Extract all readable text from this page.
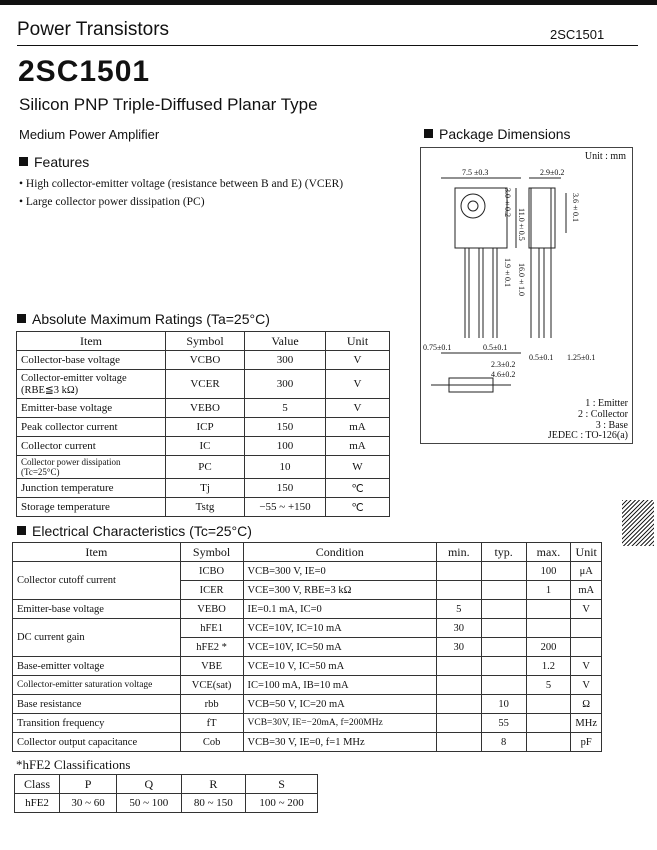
Power Transistors	2SC1501
2SC1501
Silicon PNP Triple-Diffused Planar Type
Medium Power Amplifier
Features
• High collector-emitter voltage (resistance between B and E) (VCER)
• Large collector power dissipation (PC)
Package Dimensions
Unit : mm
7.5 ±0.3	2.9±0.2
0.75±0.1	0.5±0.1
2.3±0.2
4.6±0.2
0.5±0.1 1.25±0.1
11.0±0.5
16.0±1.0
3.6±0.1
1.9±0.1
3.0±0.2
1 : Emitter
2 : Collector
3 : Base
JEDEC : TO-126(a)
Absolute Maximum Ratings (Ta=25°C)
Item	Symbol	Value	Unit
Collector-base voltage	VCBO	300	V
Collector-emitter voltage (RBE≦3 kΩ)	VCER	300	V
Emitter-base voltage	VEBO	5	V
Peak collector current	ICP	150	mA
Collector current	IC	100	mA
Collector power dissipation (Tc=25°C)	PC	10	W
Junction temperature	Tj	150	℃
Storage temperature	Tstg	−55 ~ +150	℃
Electrical Characteristics (Tc=25°C)
Item	Symbol	Condition	min.	typ.	max.	Unit
Collector cutoff current	ICBO	VCB=300 V, IE=0			100	μA
	ICER	VCE=300 V, RBE=3 kΩ			1	mA
Emitter-base voltage	VEBO	IE=0.1 mA, IC=0	5			V
DC current gain	hFE1	VCE=10V, IC=10 mA	30			
	hFE2 *	VCE=10V, IC=50 mA	30		200	
Base-emitter voltage	VBE	VCE=10 V, IC=50 mA			1.2	V
Collector-emitter saturation voltage	VCE(sat)	IC=100 mA, IB=10 mA			5	V
Base resistance	rbb	VCB=50 V, IC=20 mA		10		Ω
Transition frequency	fT	VCB=30V, IE=−20mA, f=200MHz		55		MHz
Collector output capacitance	Cob	VCB=30 V, IE=0, f=1 MHz		8		pF
*hFE2 Classifications
Class	P	Q	R	S
hFE2	30 ~ 60	50 ~ 100	80 ~ 150	100 ~ 200
